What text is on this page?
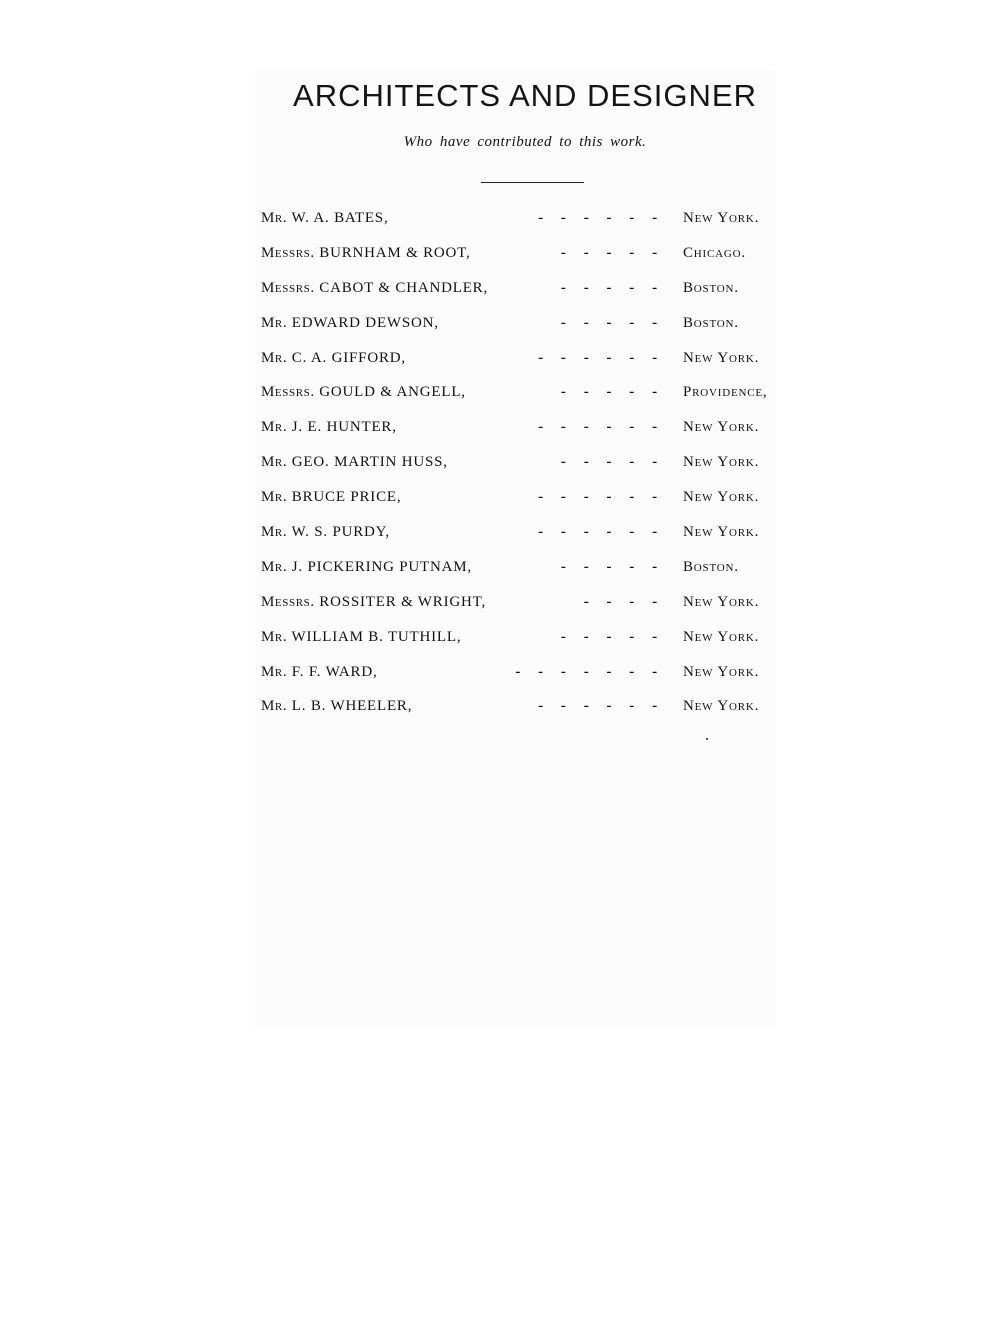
ARCHITECTS AND DESIGNER

Who have contributed to this work.

Mr. W. A. BATES,	- - - - - -	New York.
Messrs. BURNHAM & ROOT,	- - - - -	Chicago.
Messrs. CABOT & CHANDLER,	- - - - -	Boston.
Mr. EDWARD DEWSON,	- - - - -	Boston.
Mr. C. A. GIFFORD,	- - - - - -	New York.
Messrs. GOULD & ANGELL,	- - - - -	Providence,
Mr. J. E. HUNTER,	- - - - - -	New York.
Mr. GEO. MARTIN HUSS,	- - - - -	New York.
Mr. BRUCE PRICE,	- - - - - -	New York.
Mr. W. S. PURDY,	- - - - - -	New York.
Mr. J. PICKERING PUTNAM,	- - - - -	Boston.
Messrs. ROSSITER & WRIGHT,	- - - -	New York.
Mr. WILLIAM B. TUTHILL,	- - - - -	New York.
Mr. F. F. WARD,	- - - - - - -	New York.
Mr. L. B. WHEELER,	- - - - - -	New York.
